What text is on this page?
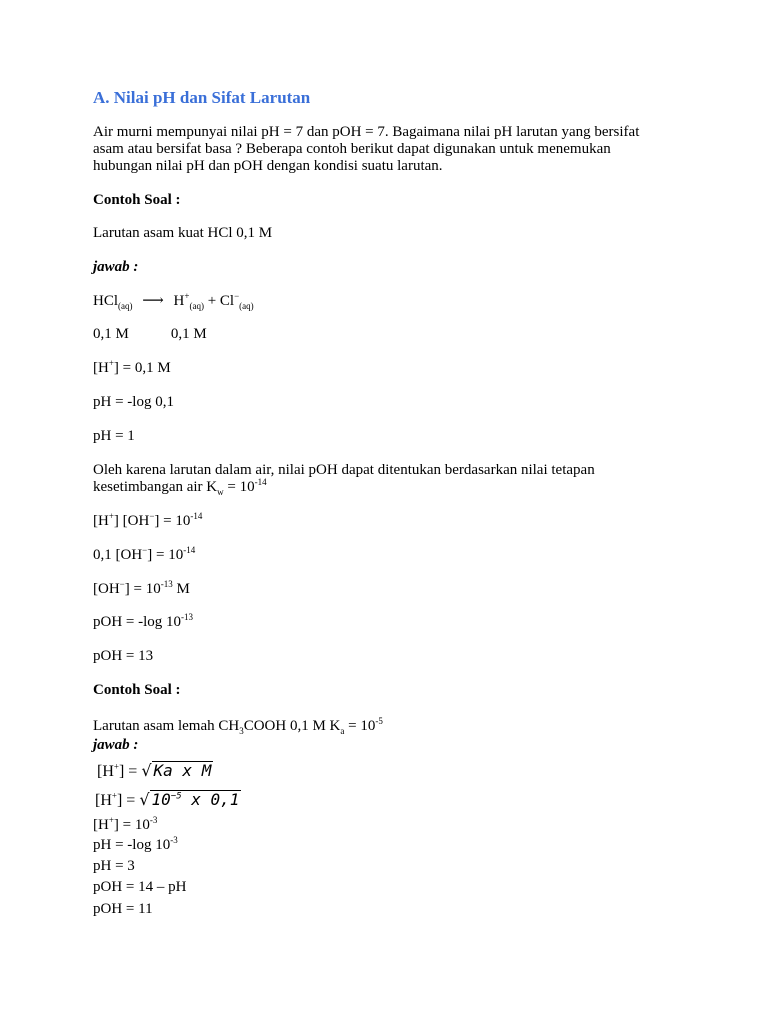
A. Nilai pH dan Sifat Larutan
Air murni mempunyai nilai pH = 7 dan pOH = 7. Bagaimana nilai pH larutan yang bersifat
asam atau bersifat basa ? Beberapa contoh berikut dapat digunakan untuk menemukan
hubungan nilai pH dan pOH dengan kondisi suatu larutan.
Contoh Soal :
Larutan asam kuat HCl 0,1 M
jawab :
HCl$_{(aq)}$ ⟶ $H^+_{(aq)} + Cl^-_{(aq)}$
0,1 M	0,1 M
[H+] = 0,1 M
pH = -log 0,1
pH = 1
Oleh karena larutan dalam air, nilai pOH dapat ditentukan berdasarkan nilai tetapan
kesetimbangan air $K_w = 10^{-14}$
[H+] $[OH^-] = 10^{-14}$
0,1 $[OH^-] = 10^{-14}$
$[OH^-] = 10^{-13}$ M
pOH = -log $10^{-13}$
pOH = 13
Contoh Soal :
Larutan asam lemah $CH_3COOH$ 0,1 M $K_a = 10^{-5}$
jawab :
[H+] = √ Ka x M
[H+] = √ $10^{-5}$ x 0,1
$[H^+] = 10^{-3}$
pH = -log $10^{-3}$
pH = 3
pOH = 14 – pH
pOH = 11
